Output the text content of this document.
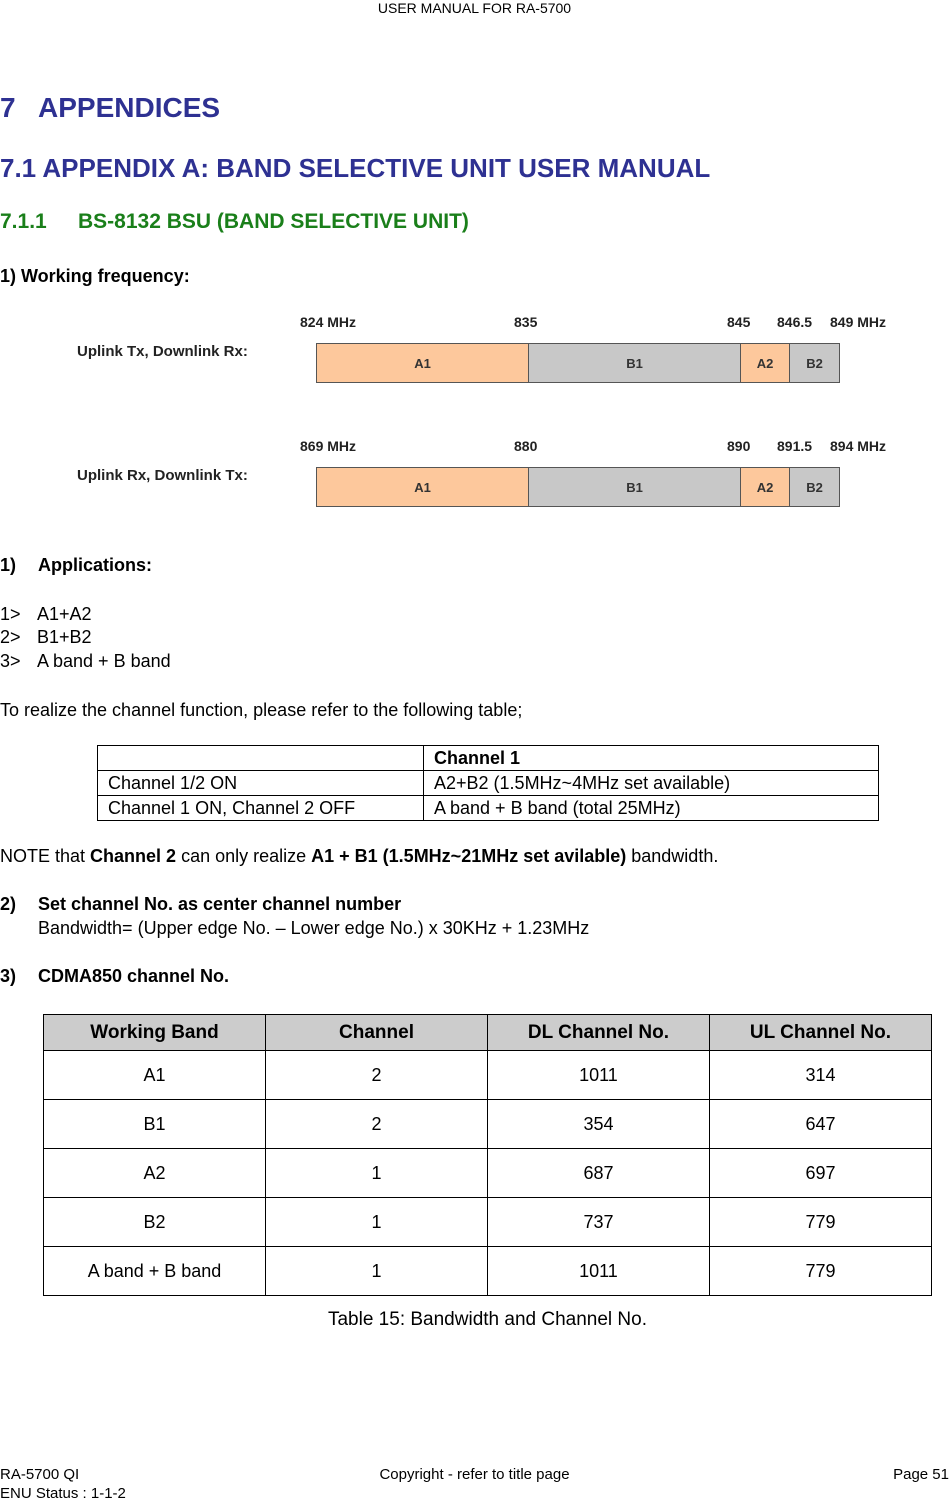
USER MANUAL FOR RA-5700
7 APPENDICES
7.1 APPENDIX A: BAND SELECTIVE UNIT USER MANUAL
7.1.1 BS-8132 BSU (BAND SELECTIVE UNIT)
1) Working frequency:
824 MHz	835	845 846.5 849 MHz
Uplink Tx, Downlink Rx:
A1	B1	A2	B2
869 MHz	880	890 891.5 894 MHz
Uplink Rx, Downlink Tx:
A1	B1	A2	B2
1) Applications:
1> A1+A2
2> B1+B2
3> A band + B band
To realize the channel function, please refer to the following table;
	Channel 1
Channel 1/2 ON	A2+B2 (1.5MHz~4MHz set available)
Channel 1 ON, Channel 2 OFF	A band + B band (total 25MHz)
NOTE that Channel 2 can only realize A1 + B1 (1.5MHz~21MHz set avilable) bandwidth.
2) Set channel No. as center channel number
Bandwidth= (Upper edge No. – Lower edge No.) x 30KHz + 1.23MHz
3) CDMA850 channel No.
Working Band	Channel	DL Channel No.	UL Channel No.
A1	2	1011	314
B1	2	354	647
A2	1	687	697
B2	1	737	779
A band + B band	1	1011	779
Table 15: Bandwidth and Channel No.
RA-5700 QI
ENU Status : 1-1-2
Copyright - refer to title page	Page 51
